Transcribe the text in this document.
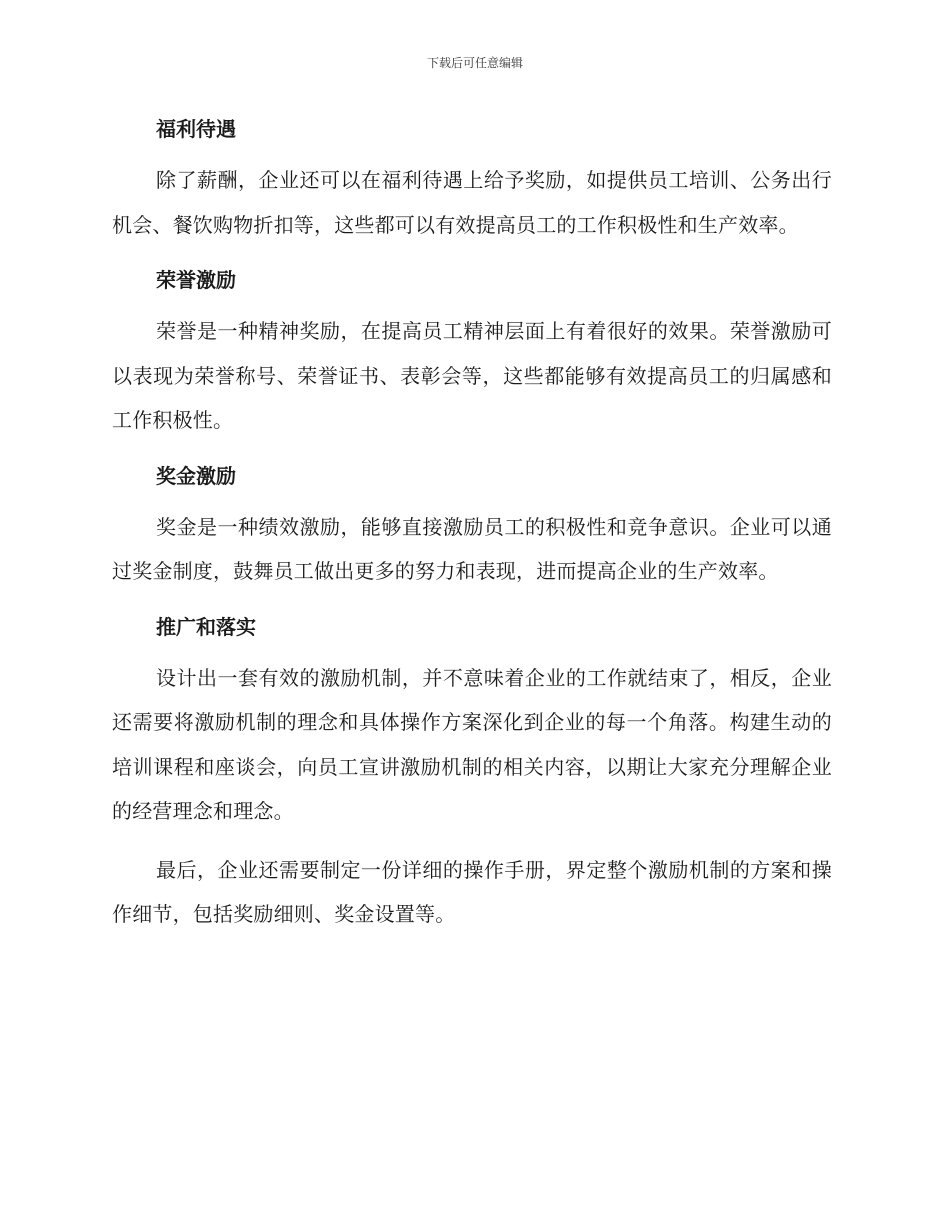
下载后可任意编辑
福利待遇

除了薪酬，企业还可以在福利待遇上给予奖励，如提供员工培训、公务出行机会、餐饮购物折扣等，这些都可以有效提高员工的工作积极性和生产效率。

荣誉激励

荣誉是一种精神奖励，在提高员工精神层面上有着很好的效果。荣誉激励可以表现为荣誉称号、荣誉证书、表彰会等，这些都能够有效提高员工的归属感和工作积极性。

奖金激励

奖金是一种绩效激励，能够直接激励员工的积极性和竞争意识。企业可以通过奖金制度，鼓舞员工做出更多的努力和表现，进而提高企业的生产效率。

推广和落实

设计出一套有效的激励机制，并不意味着企业的工作就结束了，相反，企业还需要将激励机制的理念和具体操作方案深化到企业的每一个角落。构建生动的培训课程和座谈会，向员工宣讲激励机制的相关内容，以期让大家充分理解企业的经营理念和理念。

最后，企业还需要制定一份详细的操作手册，界定整个激励机制的方案和操作细节，包括奖励细则、奖金设置等。
